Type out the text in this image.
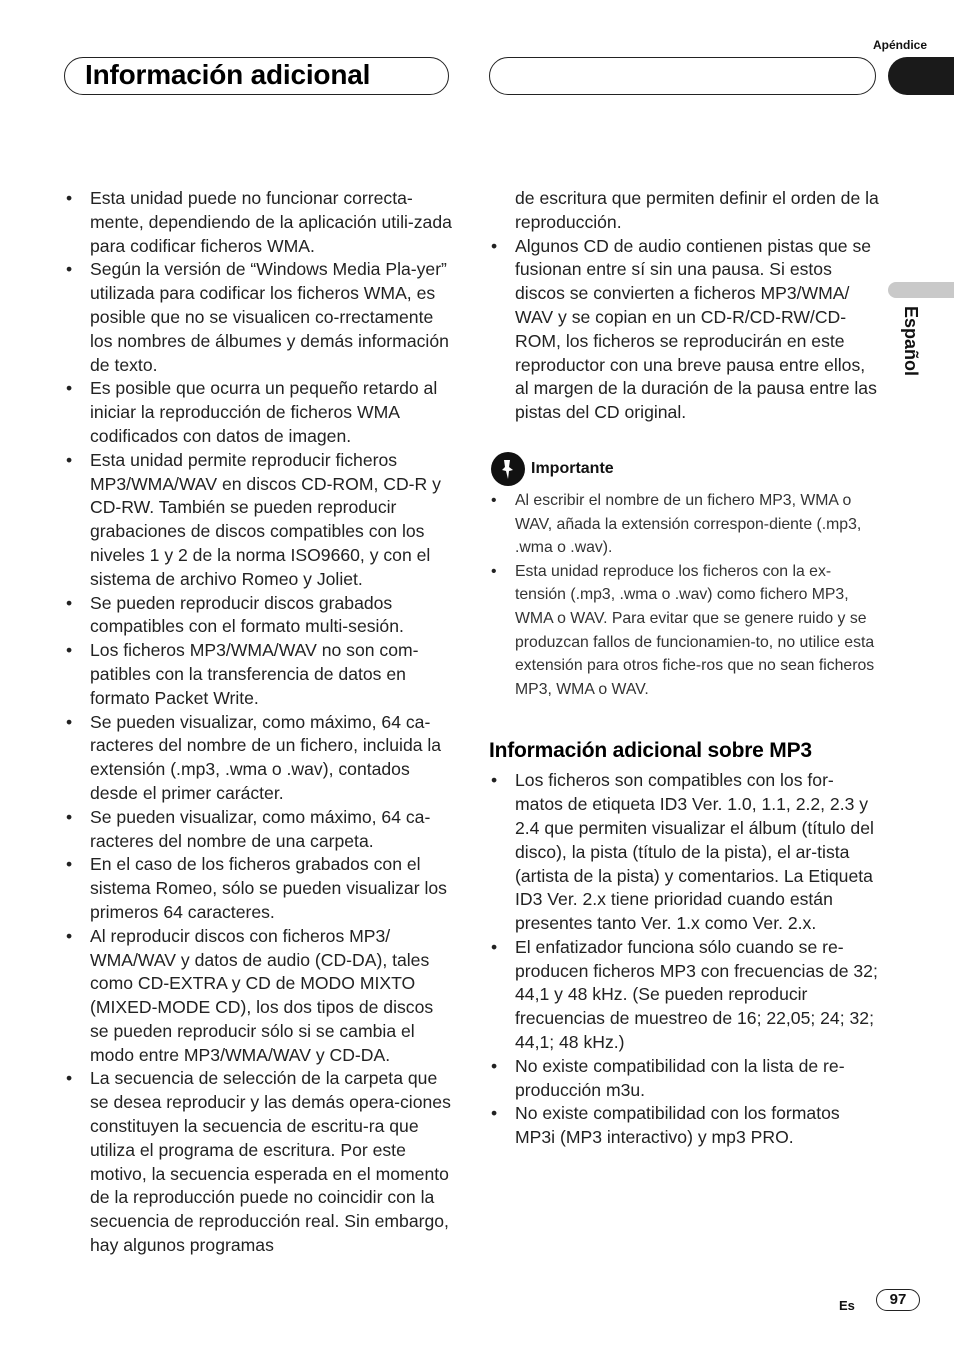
Apéndice
Información adicional
Español
• Esta unidad puede no funcionar correcta-mente, dependiendo de la aplicación utili-zada para codificar ficheros WMA.
• Según la versión de “Windows Media Pla-yer” utilizada para codificar los ficheros WMA, es posible que no se visualicen co-rrectamente los nombres de álbumes y demás información de texto.
• Es posible que ocurra un pequeño retardo al iniciar la reproducción de ficheros WMA codificados con datos de imagen.
• Esta unidad permite reproducir ficheros MP3/WMA/WAV en discos CD-ROM, CD-R y CD-RW. También se pueden reproducir grabaciones de discos compatibles con los niveles 1 y 2 de la norma ISO9660, y con el sistema de archivo Romeo y Joliet.
• Se pueden reproducir discos grabados compatibles con el formato multi-sesión.
• Los ficheros MP3/WMA/WAV no son com-patibles con la transferencia de datos en formato Packet Write.
• Se pueden visualizar, como máximo, 64 ca-racteres del nombre de un fichero, incluida la extensión (.mp3, .wma o .wav), contados desde el primer carácter.
• Se pueden visualizar, como máximo, 64 ca-racteres del nombre de una carpeta.
• En el caso de los ficheros grabados con el sistema Romeo, sólo se pueden visualizar los primeros 64 caracteres.
• Al reproducir discos con ficheros MP3/ WMA/WAV y datos de audio (CD-DA), tales como CD-EXTRA y CD de MODO MIXTO (MIXED-MODE CD), los dos tipos de discos se pueden reproducir sólo si se cambia el modo entre MP3/WMA/WAV y CD-DA.
• La secuencia de selección de la carpeta que se desea reproducir y las demás opera-ciones constituyen la secuencia de escritu-ra que utiliza el programa de escritura. Por este motivo, la secuencia esperada en el momento de la reproducción puede no coincidir con la secuencia de reproducción real. Sin embargo, hay algunos programas
de escritura que permiten definir el orden de la reproducción.
• Algunos CD de audio contienen pistas que se fusionan entre sí sin una pausa. Si estos discos se convierten a ficheros MP3/WMA/ WAV y se copian en un CD-R/CD-RW/CD-ROM, los ficheros se reproducirán en este reproductor con una breve pausa entre ellos, al margen de la duración de la pausa entre las pistas del CD original.
Importante
• Al escribir el nombre de un fichero MP3, WMA o WAV, añada la extensión correspon-diente (.mp3, .wma o .wav).
• Esta unidad reproduce los ficheros con la ex-tensión (.mp3, .wma o .wav) como fichero MP3, WMA o WAV. Para evitar que se genere ruido y se produzcan fallos de funcionamien-to, no utilice esta extensión para otros fiche-ros que no sean ficheros MP3, WMA o WAV.
Información adicional sobre MP3
• Los ficheros son compatibles con los for-matos de etiqueta ID3 Ver. 1.0, 1.1, 2.2, 2.3 y 2.4 que permiten visualizar el álbum (título del disco), la pista (título de la pista), el ar-tista (artista de la pista) y comentarios. La Etiqueta ID3 Ver. 2.x tiene prioridad cuando están presentes tanto Ver. 1.x como Ver. 2.x.
• El enfatizador funciona sólo cuando se re-producen ficheros MP3 con frecuencias de 32; 44,1 y 48 kHz. (Se pueden reproducir frecuencias de muestreo de 16; 22,05; 24; 32; 44,1; 48 kHz.)
• No existe compatibilidad con la lista de re-producción m3u.
• No existe compatibilidad con los formatos MP3i (MP3 interactivo) y mp3 PRO.
Es	97
